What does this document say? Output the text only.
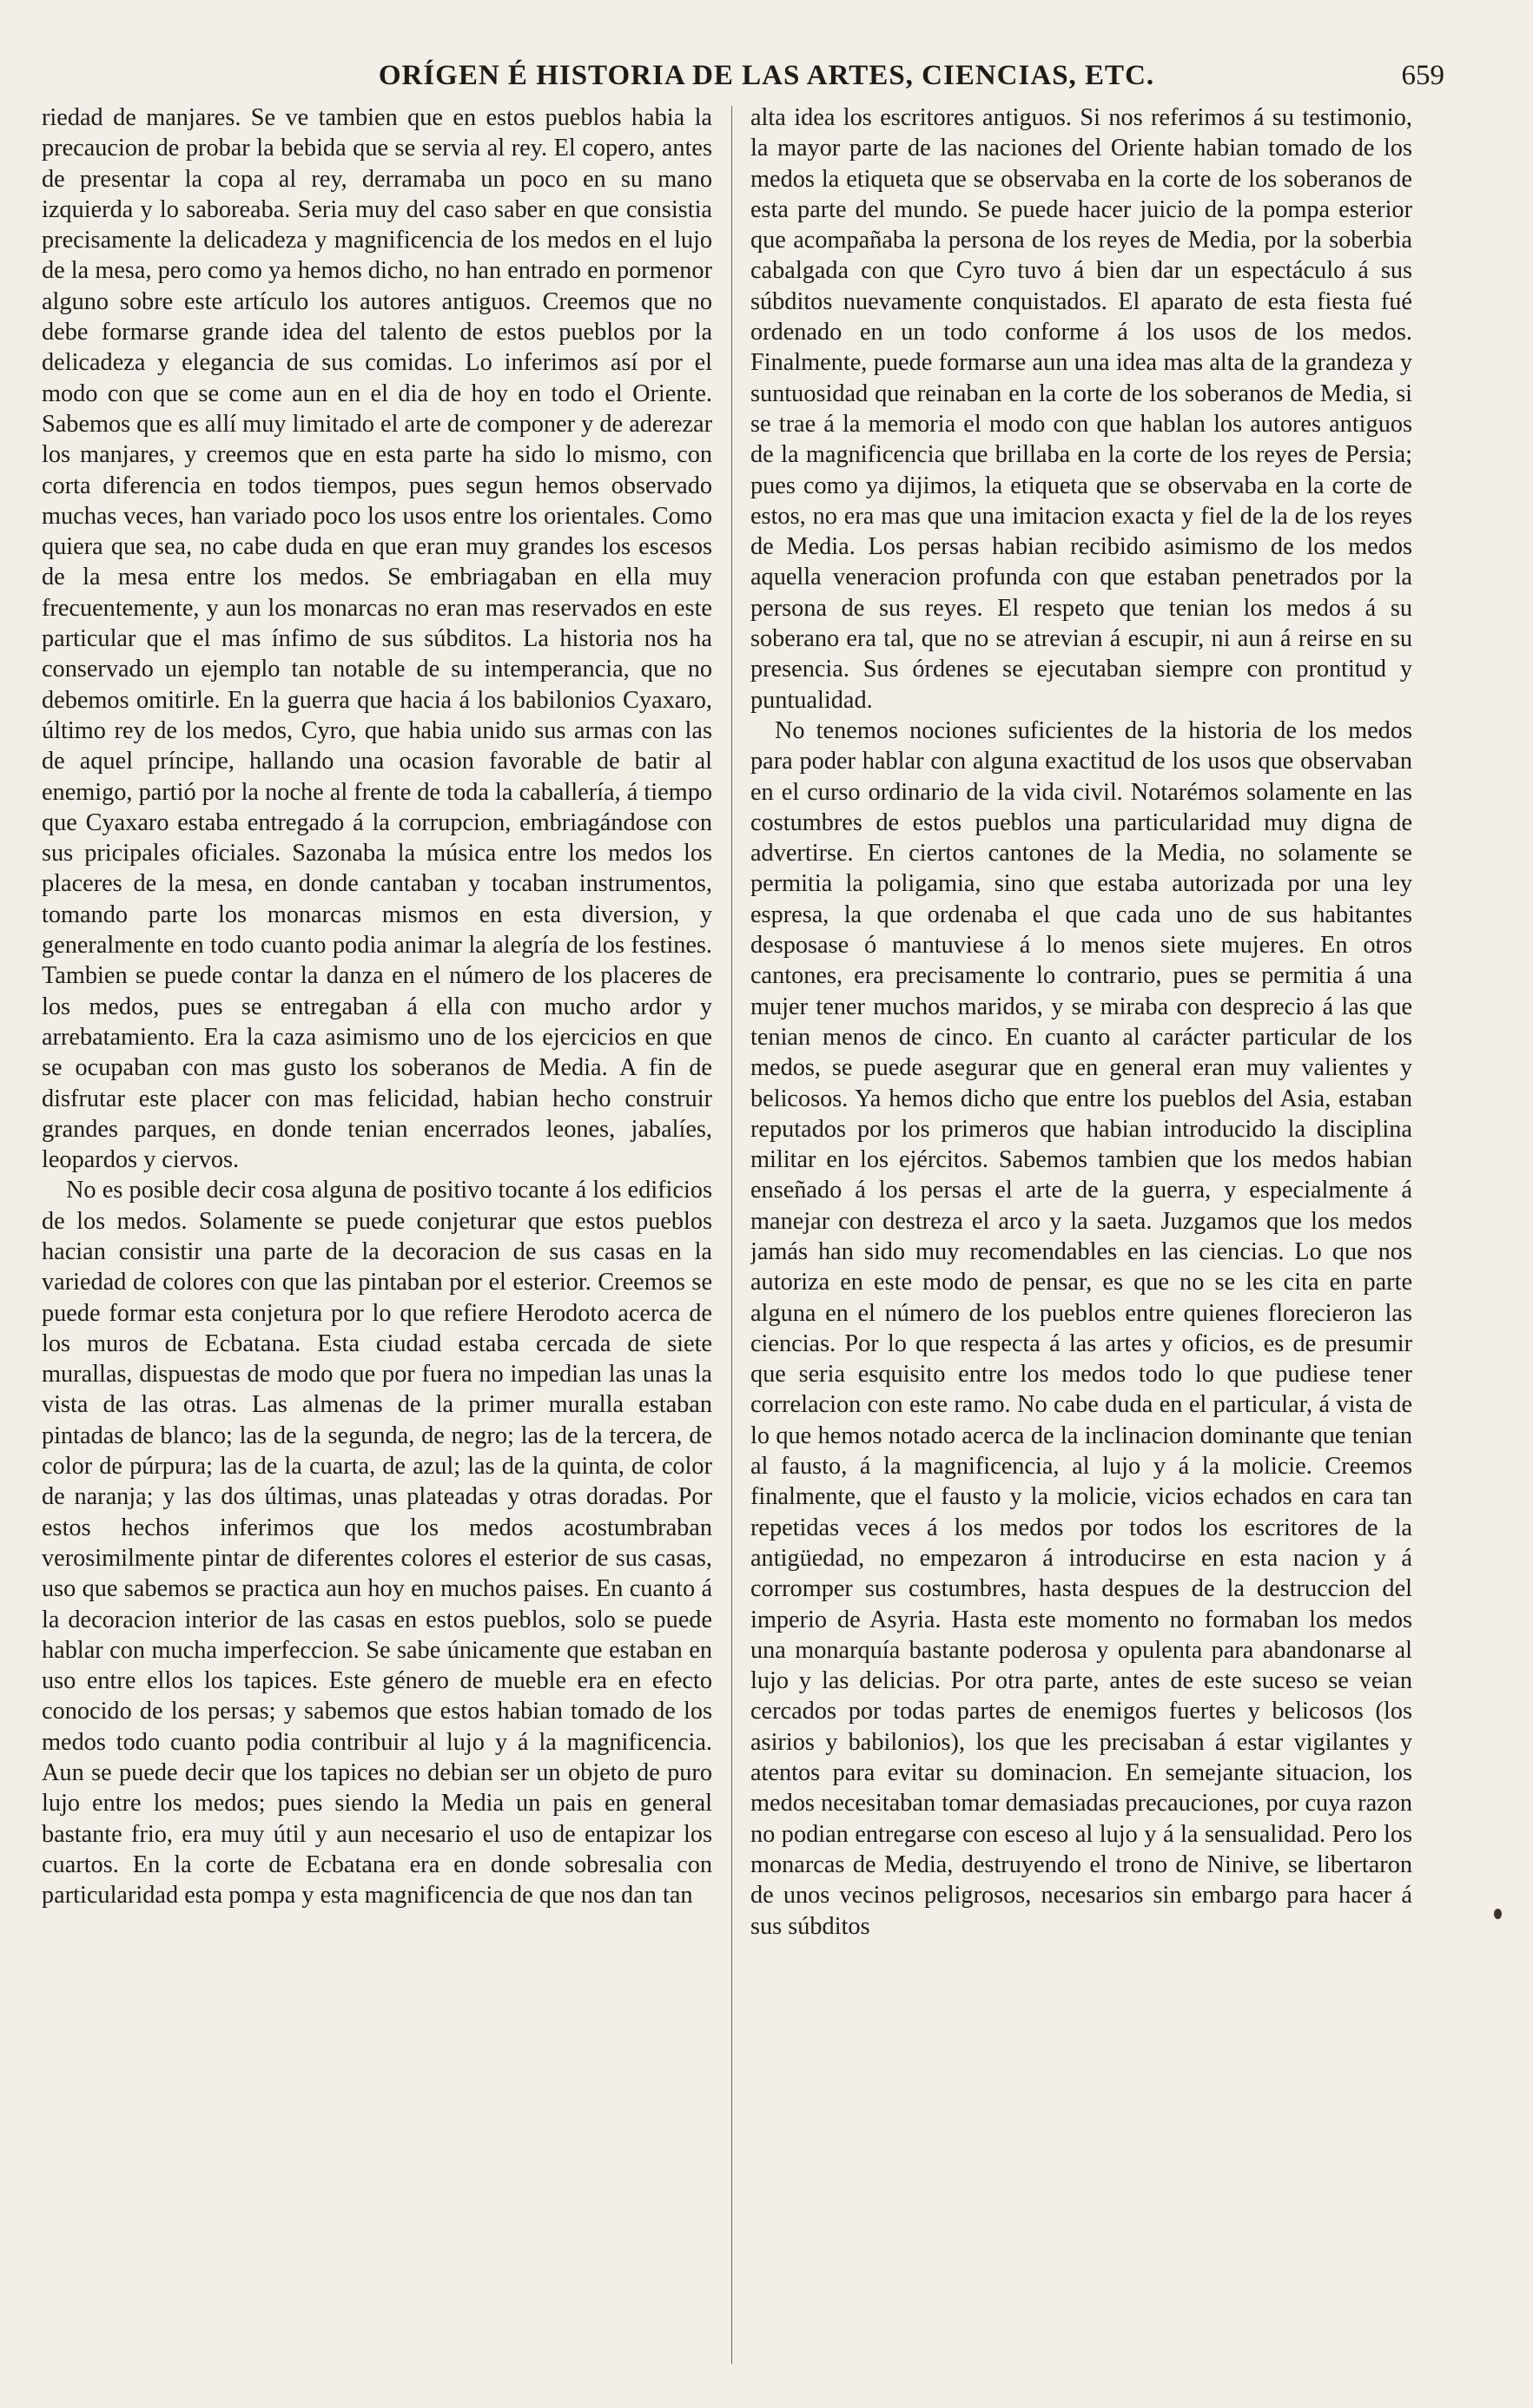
ORÍGEN É HISTORIA DE LAS ARTES, CIENCIAS, ETC.	659

riedad de manjares. Se ve tambien que en estos pueblos habia la precaucion de probar la bebida que se servia al rey. El copero, antes de presentar la copa al rey, derramaba un poco en su mano izquierda y lo saboreaba. Seria muy del caso saber en que consistia precisamente la delicadeza y magnificencia de los medos en el lujo de la mesa, pero como ya hemos dicho, no han entrado en pormenor alguno sobre este artículo los autores antiguos. Creemos que no debe formarse grande idea del talento de estos pueblos por la delicadeza y elegancia de sus comidas. Lo inferimos así por el modo con que se come aun en el dia de hoy en todo el Oriente. Sabemos que es allí muy limitado el arte de componer y de aderezar los manjares, y creemos que en esta parte ha sido lo mismo, con corta diferencia en todos tiempos, pues segun hemos observado muchas veces, han variado poco los usos entre los orientales. Como quiera que sea, no cabe duda en que eran muy grandes los escesos de la mesa entre los medos. Se embriagaban en ella muy frecuentemente, y aun los monarcas no eran mas reservados en este particular que el mas ínfimo de sus súbditos. La historia nos ha conservado un ejemplo tan notable de su intemperancia, que no debemos omitirle. En la guerra que hacia á los babilonios Cyaxaro, último rey de los medos, Cyro, que habia unido sus armas con las de aquel príncipe, hallando una ocasion favorable de batir al enemigo, partió por la noche al frente de toda la caballería, á tiempo que Cyaxaro estaba entregado á la corrupcion, embriagándose con sus pricipales oficiales. Sazonaba la música entre los medos los placeres de la mesa, en donde cantaban y tocaban instrumentos, tomando parte los monarcas mismos en esta diversion, y generalmente en todo cuanto podia animar la alegría de los festines. Tambien se puede contar la danza en el número de los placeres de los medos, pues se entregaban á ella con mucho ardor y arrebatamiento. Era la caza asimismo uno de los ejercicios en que se ocupaban con mas gusto los soberanos de Media. A fin de disfrutar este placer con mas felicidad, habian hecho construir grandes parques, en donde tenian encerrados leones, jabalíes, leopardos y ciervos.

No es posible decir cosa alguna de positivo tocante á los edificios de los medos. Solamente se puede conjeturar que estos pueblos hacian consistir una parte de la decoracion de sus casas en la variedad de colores con que las pintaban por el esterior. Creemos se puede formar esta conjetura por lo que refiere Herodoto acerca de los muros de Ecbatana. Esta ciudad estaba cercada de siete murallas, dispuestas de modo que por fuera no impedian las unas la vista de las otras. Las almenas de la primer muralla estaban pintadas de blanco; las de la segunda, de negro; las de la tercera, de color de púrpura; las de la cuarta, de azul; las de la quinta, de color de naranja; y las dos últimas, unas plateadas y otras doradas. Por estos hechos inferimos que los medos acostumbraban verosimilmente pintar de diferentes colores el esterior de sus casas, uso que sabemos se practica aun hoy en muchos paises. En cuanto á la decoracion interior de las casas en estos pueblos, solo se puede hablar con mucha imperfeccion. Se sabe únicamente que estaban en uso entre ellos los tapices. Este género de mueble era en efecto conocido de los persas; y sabemos que estos habian tomado de los medos todo cuanto podia contribuir al lujo y á la magnificencia. Aun se puede decir que los tapices no debian ser un objeto de puro lujo entre los medos; pues siendo la Media un pais en general bastante frio, era muy útil y aun necesario el uso de entapizar los cuartos. En la corte de Ecbatana era en donde sobresalia con particularidad esta pompa y esta magnificencia de que nos dan tan

alta idea los escritores antiguos. Si nos referimos á su testimonio, la mayor parte de las naciones del Oriente habian tomado de los medos la etiqueta que se observaba en la corte de los soberanos de esta parte del mundo. Se puede hacer juicio de la pompa esterior que acompañaba la persona de los reyes de Media, por la soberbia cabalgada con que Cyro tuvo á bien dar un espectáculo á sus súbditos nuevamente conquistados. El aparato de esta fiesta fué ordenado en un todo conforme á los usos de los medos. Finalmente, puede formarse aun una idea mas alta de la grandeza y suntuosidad que reinaban en la corte de los soberanos de Media, si se trae á la memoria el modo con que hablan los autores antiguos de la magnificencia que brillaba en la corte de los reyes de Persia; pues como ya dijimos, la etiqueta que se observaba en la corte de estos, no era mas que una imitacion exacta y fiel de la de los reyes de Media. Los persas habian recibido asimismo de los medos aquella veneracion profunda con que estaban penetrados por la persona de sus reyes. El respeto que tenian los medos á su soberano era tal, que no se atrevian á escupir, ni aun á reirse en su presencia. Sus órdenes se ejecutaban siempre con prontitud y puntualidad.

No tenemos nociones suficientes de la historia de los medos para poder hablar con alguna exactitud de los usos que observaban en el curso ordinario de la vida civil. Notarémos solamente en las costumbres de estos pueblos una particularidad muy digna de advertirse. En ciertos cantones de la Media, no solamente se permitia la poligamia, sino que estaba autorizada por una ley espresa, la que ordenaba el que cada uno de sus habitantes desposase ó mantuviese á lo menos siete mujeres. En otros cantones, era precisamente lo contrario, pues se permitia á una mujer tener muchos maridos, y se miraba con desprecio á las que tenian menos de cinco. En cuanto al carácter particular de los medos, se puede asegurar que en general eran muy valientes y belicosos. Ya hemos dicho que entre los pueblos del Asia, estaban reputados por los primeros que habian introducido la disciplina militar en los ejércitos. Sabemos tambien que los medos habian enseñado á los persas el arte de la guerra, y especialmente á manejar con destreza el arco y la saeta. Juzgamos que los medos jamás han sido muy recomendables en las ciencias. Lo que nos autoriza en este modo de pensar, es que no se les cita en parte alguna en el número de los pueblos entre quienes florecieron las ciencias. Por lo que respecta á las artes y oficios, es de presumir que seria esquisito entre los medos todo lo que pudiese tener correlacion con este ramo. No cabe duda en el particular, á vista de lo que hemos notado acerca de la inclinacion dominante que tenian al fausto, á la magnificencia, al lujo y á la molicie. Creemos finalmente, que el fausto y la molicie, vicios echados en cara tan repetidas veces á los medos por todos los escritores de la antigüedad, no empezaron á introducirse en esta nacion y á corromper sus costumbres, hasta despues de la destruccion del imperio de Asyria. Hasta este momento no formaban los medos una monarquía bastante poderosa y opulenta para abandonarse al lujo y las delicias. Por otra parte, antes de este suceso se veian cercados por todas partes de enemigos fuertes y belicosos (los asirios y babilonios), los que les precisaban á estar vigilantes y atentos para evitar su dominacion. En semejante situacion, los medos necesitaban tomar demasiadas precauciones, por cuya razon no podian entregarse con esceso al lujo y á la sensualidad. Pero los monarcas de Media, destruyendo el trono de Ninive, se libertaron de unos vecinos peligrosos, necesarios sin embargo para hacer á sus súbditos
